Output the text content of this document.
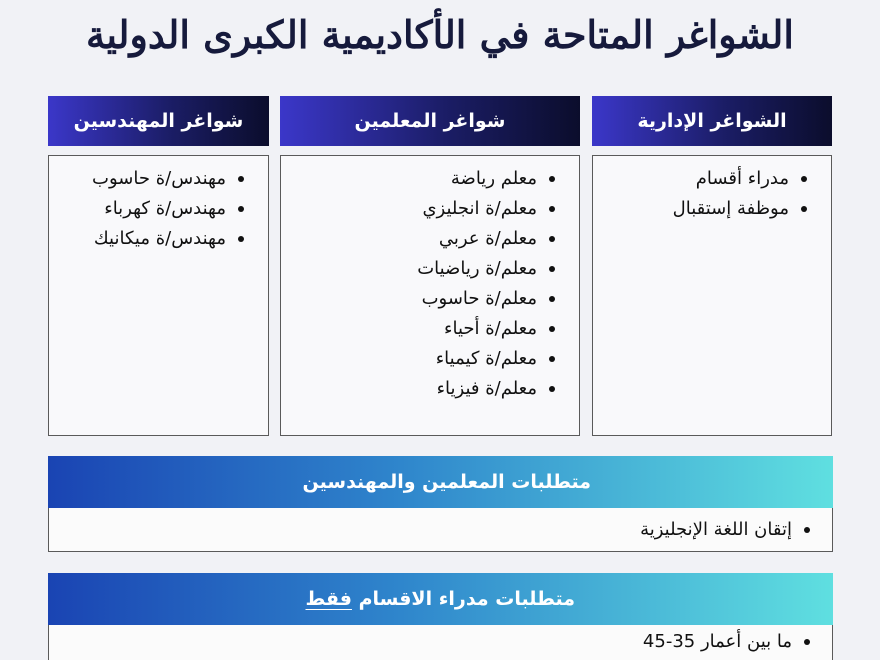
الشواغر المتاحة في الأكاديمية الكبرى الدولية
الشواغر الإدارية
مدراء أقسام
موظفة إستقبال
شواغر المعلمين
معلم رياضة
معلم/ة انجليزي
معلم/ة عربي
معلم/ة رياضيات
معلم/ة حاسوب
معلم/ة أحياء
معلم/ة كيمياء
معلم/ة فيزياء
شواغر المهندسين
مهندس/ة حاسوب
مهندس/ة كهرباء
مهندس/ة ميكانيك
متطلبات المعلمين والمهندسين
إتقان اللغة الإنجليزية
متطلبات مدراء الاقسام

فقط
ما بين أعمار 35-45
